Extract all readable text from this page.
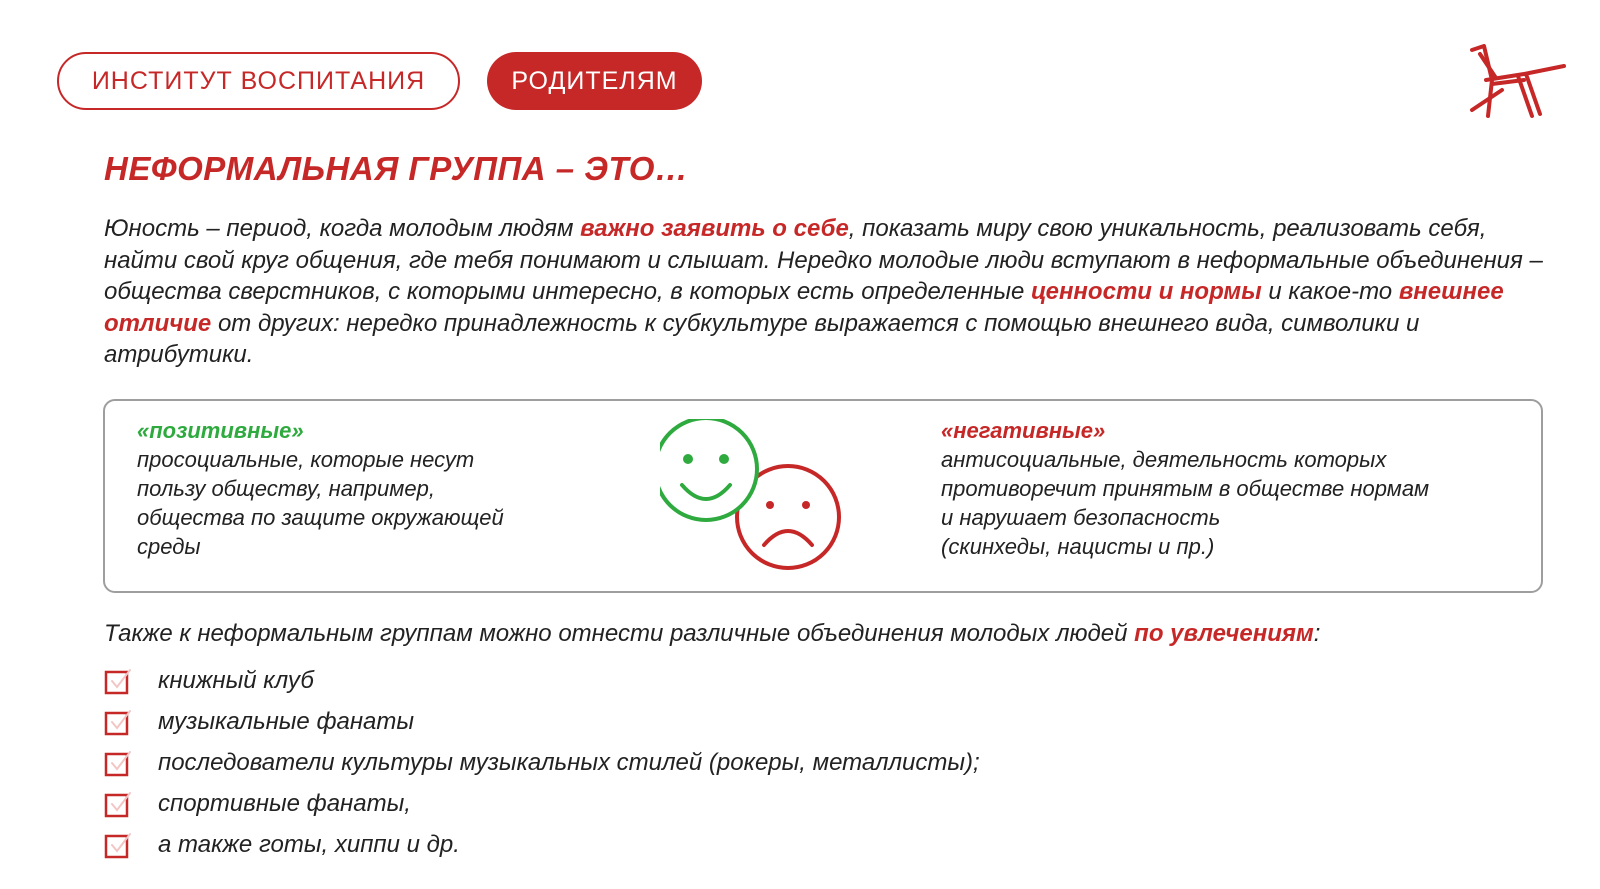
ИНСТИТУТ ВОСПИТАНИЯ	РОДИТЕЛЯМ
НЕФОРМАЛЬНАЯ ГРУППА – ЭТО…

Юность – период, когда молодым людям важно заявить о себе, показать миру свою уникальность, реализовать себя, найти свой круг общения, где тебя понимают и слышат. Нередко молодые люди вступают в неформальные объединения – общества сверстников, с которыми интересно, в которых есть определенные ценности и нормы и какое-то внешнее отличие от других: нередко принадлежность к субкультуре выражается с помощью внешнего вида, символики и атрибутики.

«позитивные»
просоциальные, которые несут
пользу обществу, например,
общества по защите окружающей
среды
«негативные»
антисоциальные, деятельность которых
противоречит принятым в обществе нормам
и нарушает безопасность
(скинхеды, нацисты и пр.)

Также к неформальным группам можно отнести различные объединения молодых людей по увлечениям:

книжный клуб
музыкальные фанаты
последователи культуры музыкальных стилей (рокеры, металлисты);
спортивные фанаты,
а также готы, хиппи и др.
